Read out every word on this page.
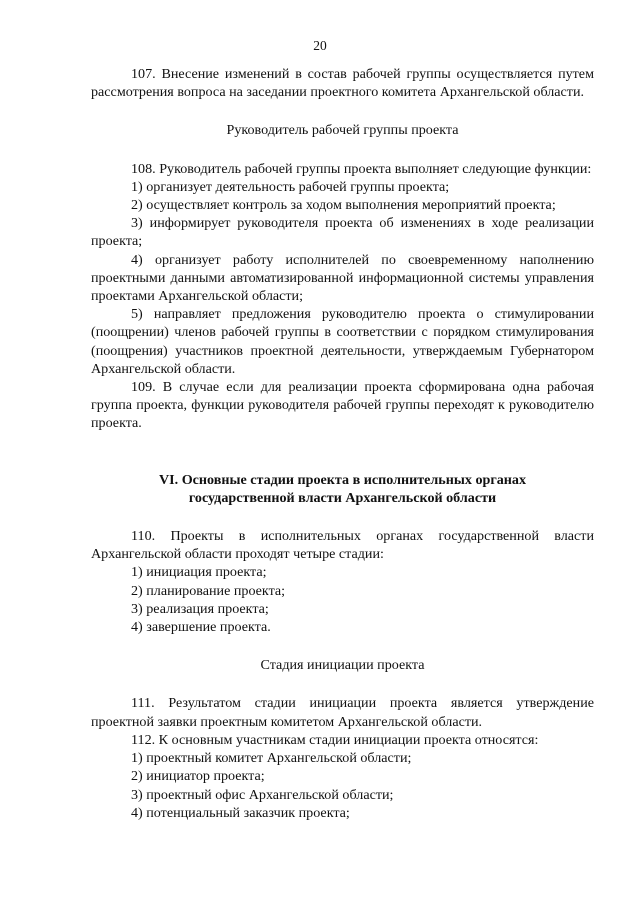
20

107. Внесение изменений в состав рабочей группы осуществляется путем рассмотрения вопроса на заседании проектного комитета Архангельской области.

Руководитель рабочей группы проекта

108. Руководитель рабочей группы проекта выполняет следующие функции:

1) организует деятельность рабочей группы проекта;

2) осуществляет контроль за ходом выполнения мероприятий проекта;

3) информирует руководителя проекта об изменениях в ходе реализации проекта;

4) организует работу исполнителей по своевременному наполнению проектными данными автоматизированной информационной системы управления проектами Архангельской области;

5) направляет предложения руководителю проекта о стимулировании (поощрении) членов рабочей группы в соответствии с порядком стимулирования (поощрения) участников проектной деятельности, утверждаемым Губернатором Архангельской области.

109. В случае если для реализации проекта сформирована одна рабочая группа проекта, функции руководителя рабочей группы переходят к руководителю проекта.

VI. Основные стадии проекта в исполнительных органах

государственной власти Архангельской области

110. Проекты в исполнительных органах государственной власти Архангельской области проходят четыре стадии:

1) инициация проекта;

2) планирование проекта;

3) реализация проекта;

4) завершение проекта.

Стадия инициации проекта

111. Результатом стадии инициации проекта является утверждение проектной заявки проектным комитетом Архангельской области.

112. К основным участникам стадии инициации проекта относятся:

1) проектный комитет Архангельской области;

2) инициатор проекта;

3) проектный офис Архангельской области;

4) потенциальный заказчик проекта;
